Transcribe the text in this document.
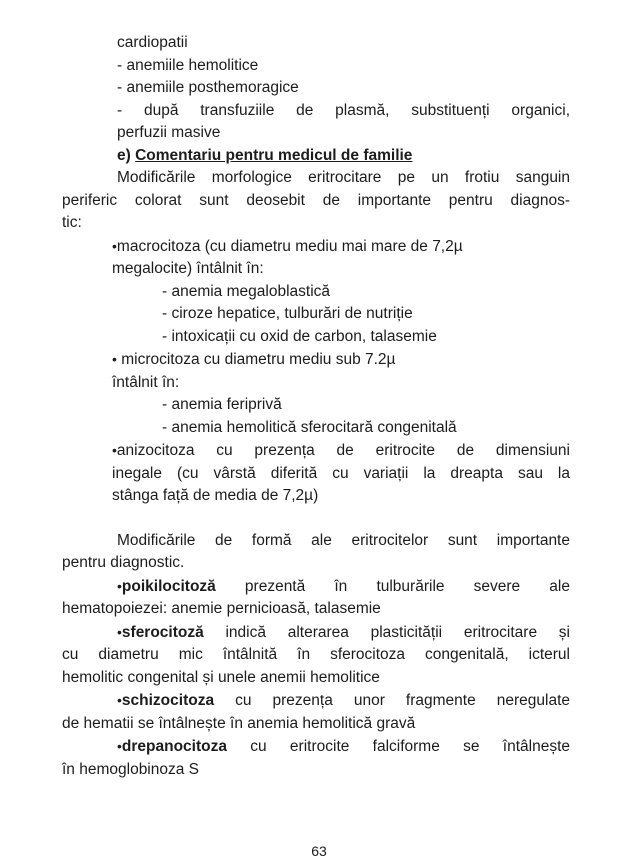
cardiopatii
- anemiile hemolitice
- anemiile posthemoragice
- după transfuziile de plasmă, substituenți organici,
perfuzii masive
e) Comentariu pentru medicul de familie
Modificările morfologice eritrocitare pe un frotiu sanguin
periferic colorat sunt deosebit de importante pentru diagnos-
tic:
•macrocitoza (cu diametru mediu mai mare de 7,2µ
megalocite) întâlnit în:
- anemia megaloblastică
- ciroze hepatice, tulburări de nutriție
- intoxicații cu oxid de carbon, talasemie
• microcitoza cu diametru mediu sub 7.2µ
întâlnit în:
- anemia feriprivă
- anemia hemolitică sferocitară congenitală
•anizocitoza cu prezența de eritrocite de dimensiuni
inegale (cu vârstă diferită cu variații la dreapta sau la
stânga față de media de 7,2µ)
Modificările de formă ale eritrocitelor sunt importante
pentru diagnostic.
•poikilocitoză prezentă în tulburările severe ale
hematopoiezei: anemie pernicioasă, talasemie
•sferocitoză indică alterarea plasticității eritrocitare și
cu diametru mic întâlnită în sferocitoza congenitală, icterul
hemolitic congenital și unele anemii hemolitice
•schizocitoza cu prezența unor fragmente neregulate
de hematii se întâlnește în anemia hemolitică gravă
•drepanocitoza cu eritrocite falciforme se întâlnește
în hemoglobinoza S
63
